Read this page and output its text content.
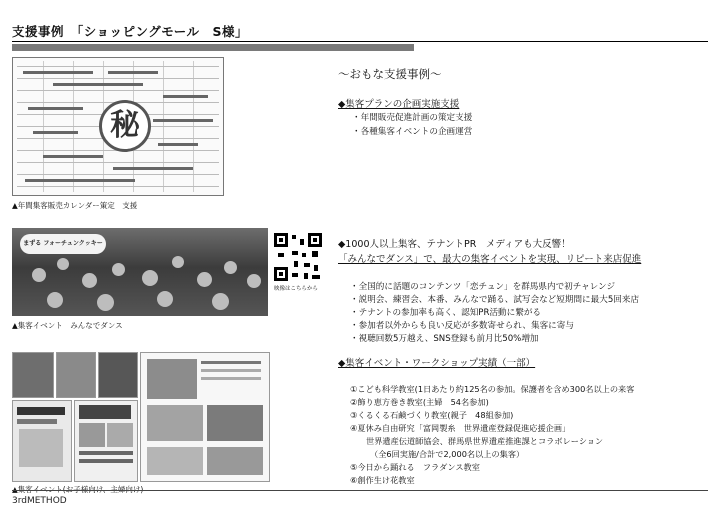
支援事例　「ショッピングモール　S様」
秘
▲年間集客販売カレンダー策定　支援
まずる フォーチュンクッキー
映像はこちらから
▲集客イベント　みんなでダンス
～おもな支援事例～
◆集客プランの企画実施支援
・年間販売促進計画の策定支援
・各種集客イベントの企画運営
◆1000人以上集客、テナントPR　メディアも大反響！
「みんなでダンス」で、最大の集客イベントを実現、リピート来店促進
・全国的に話題のコンテンツ「恋チュン」を群馬県内で初チャレンジ
・説明会、練習会、本番、みんなで踊る、試写会など短期間に最大5回来店
・テナントの参加率も高く、認知PR活動に繋がる
・参加者以外からも良い反応が多数寄せられ、集客に寄与
・視聴回数5万越え、SNS登録も前月比50%増加
◆集客イベント・ワークショップ実績（一部）
①こども科学教室(1日あたり約125名の参加。保護者を含め300名以上の来客
②飾り恵方巻き教室(主婦　54名参加)
③くるくる石鹸づくり教室(親子　48組参加)
④夏休み自由研究「富岡製糸　世界遺産登録促進応援企画」
世界遺産伝道師協会、群馬県世界遺産推進課とコラボレーション
（全6回実施/合計で2,000名以上の集客）
⑤今日から踊れる　フラダンス教室
⑥創作生け花教室
3rdMETHOD
